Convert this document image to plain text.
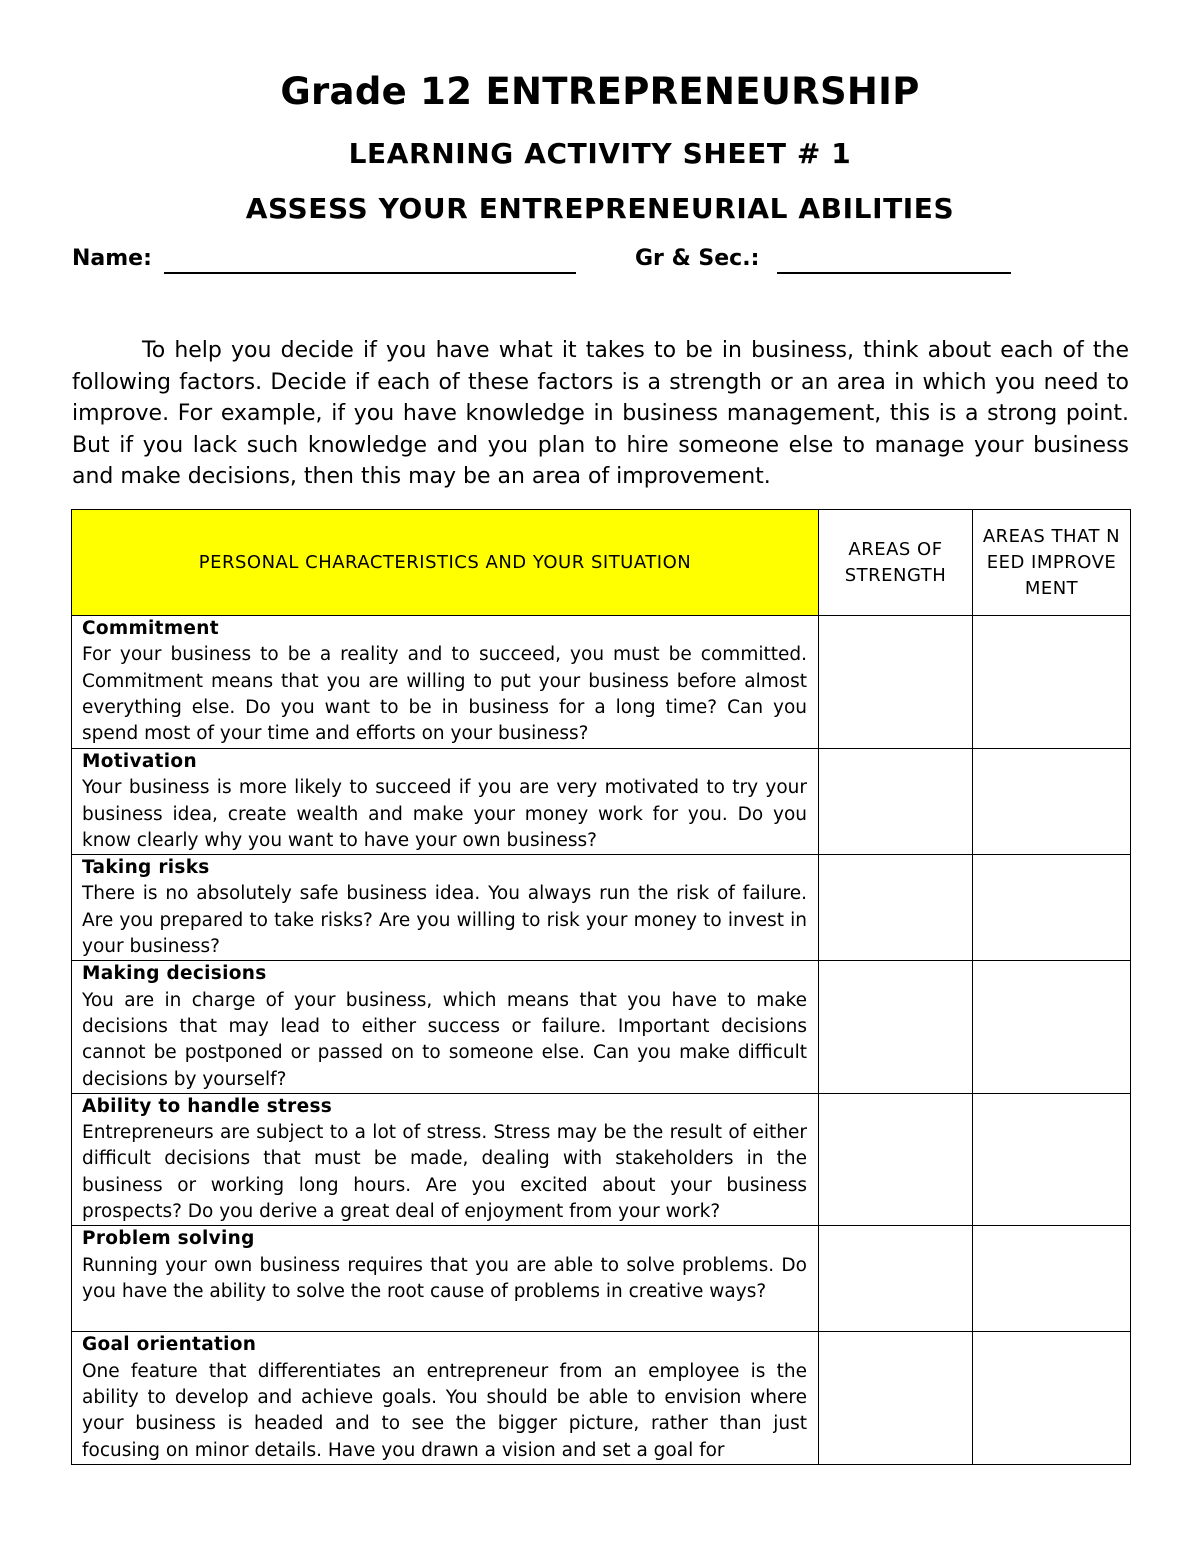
Grade 12 ENTREPRENEURSHIP
LEARNING ACTIVITY SHEET # 1
ASSESS YOUR ENTREPRENEURIAL ABILITIES
Name:	Gr & Sec.:

To help you decide if you have what it takes to be in business, think about each of the following factors. Decide if each of these factors is a strength or an area in which you need to improve. For example, if you have knowledge in business management, this is a strong point. But if you lack such knowledge and you plan to hire someone else to manage your business and make decisions, then this may be an area of improvement.

PERSONAL CHARACTERISTICS AND YOUR SITUATION	AREAS OF STRENGTH	AREAS THAT NEED IMPROVEMENT

Commitment
For your business to be a reality and to succeed, you must be committed. Commitment means that you are willing to put your business before almost everything else. Do you want to be in business for a long time? Can you spend most of your time and efforts on your business?		

Motivation
Your business is more likely to succeed if you are very motivated to try your business idea, create wealth and make your money work for you. Do you know clearly why you want to have your own business?		

Taking risks
There is no absolutely safe business idea. You always run the risk of failure. Are you prepared to take risks? Are you willing to risk your money to invest in your business?		

Making decisions
You are in charge of your business, which means that you have to make decisions that may lead to either success or failure. Important decisions cannot be postponed or passed on to someone else. Can you make difficult decisions by yourself?		

Ability to handle stress
Entrepreneurs are subject to a lot of stress. Stress may be the result of either difficult decisions that must be made, dealing with stakeholders in the business or working long hours. Are you excited about your business prospects? Do you derive a great deal of enjoyment from your work?		

Problem solving
Running your own business requires that you are able to solve problems. Do you have the ability to solve the root cause of problems in creative ways?		

Goal orientation
One feature that differentiates an entrepreneur from an employee is the ability to develop and achieve goals. You should be able to envision where your business is headed and to see the bigger picture, rather than just focusing on minor details. Have you drawn a vision and set a goal for		
